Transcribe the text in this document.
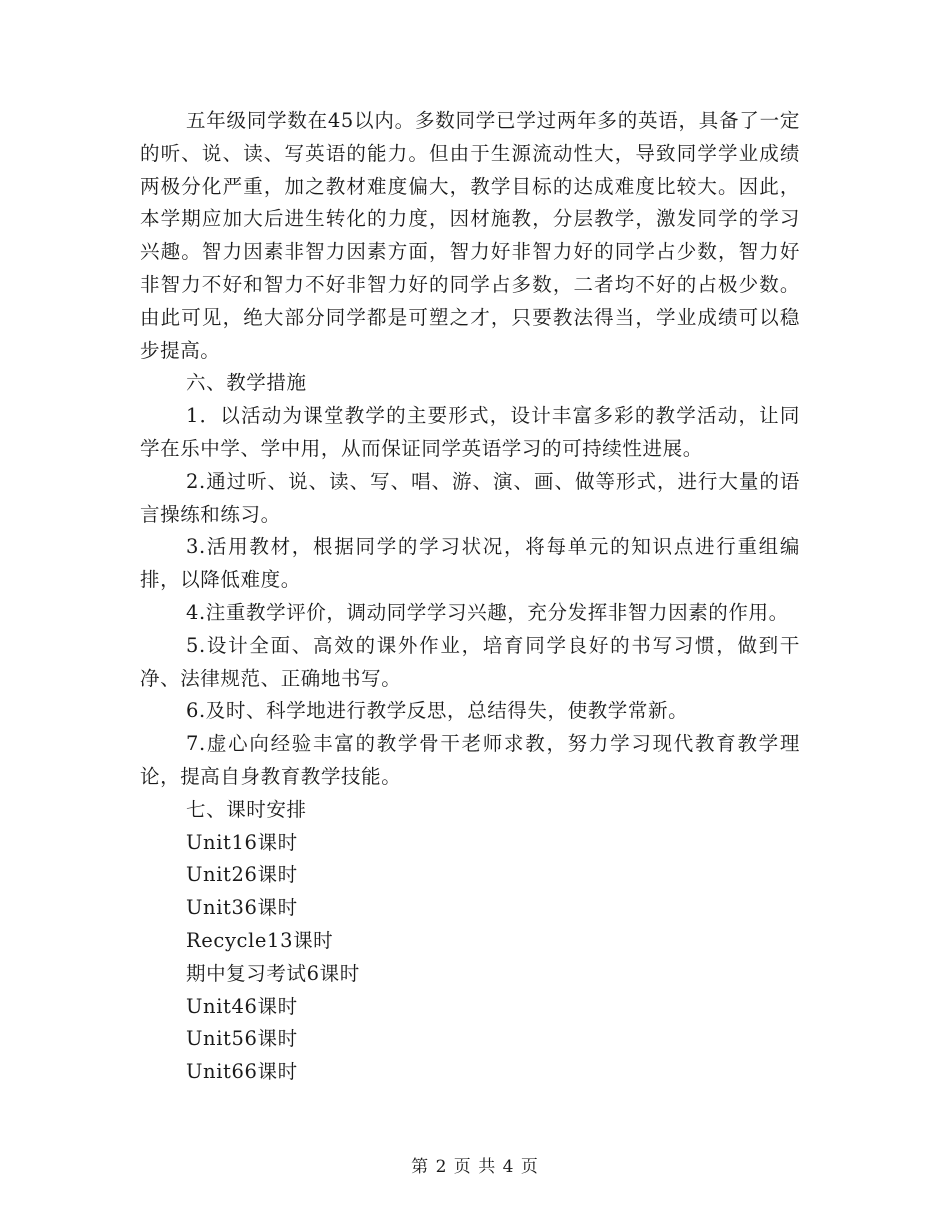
五年级同学数在45以内。多数同学已学过两年多的英语，具备了一定的听、说、读、写英语的能力。但由于生源流动性大，导致同学学业成绩两极分化严重，加之教材难度偏大，教学目标的达成难度比较大。因此，本学期应加大后进生转化的力度，因材施教，分层教学，激发同学的学习兴趣。智力因素非智力因素方面，智力好非智力好的同学占少数，智力好非智力不好和智力不好非智力好的同学占多数，二者均不好的占极少数。由此可见，绝大部分同学都是可塑之才，只要教法得当，学业成绩可以稳步提高。

六、教学措施

1．以活动为课堂教学的主要形式，设计丰富多彩的教学活动，让同学在乐中学、学中用，从而保证同学英语学习的可持续性进展。

2.通过听、说、读、写、唱、游、演、画、做等形式，进行大量的语言操练和练习。

3.活用教材，根据同学的学习状况，将每单元的知识点进行重组编排，以降低难度。

4.注重教学评价，调动同学学习兴趣，充分发挥非智力因素的作用。

5.设计全面、高效的课外作业，培育同学良好的书写习惯，做到干净、法律规范、正确地书写。

6.及时、科学地进行教学反思，总结得失，使教学常新。

7.虚心向经验丰富的教学骨干老师求教，努力学习现代教育教学理论，提高自身教育教学技能。

七、课时安排

Unit16课时

Unit26课时

Unit36课时

Recycle13课时

期中复习考试6课时

Unit46课时

Unit56课时

Unit66课时

第 2 页 共 4 页
